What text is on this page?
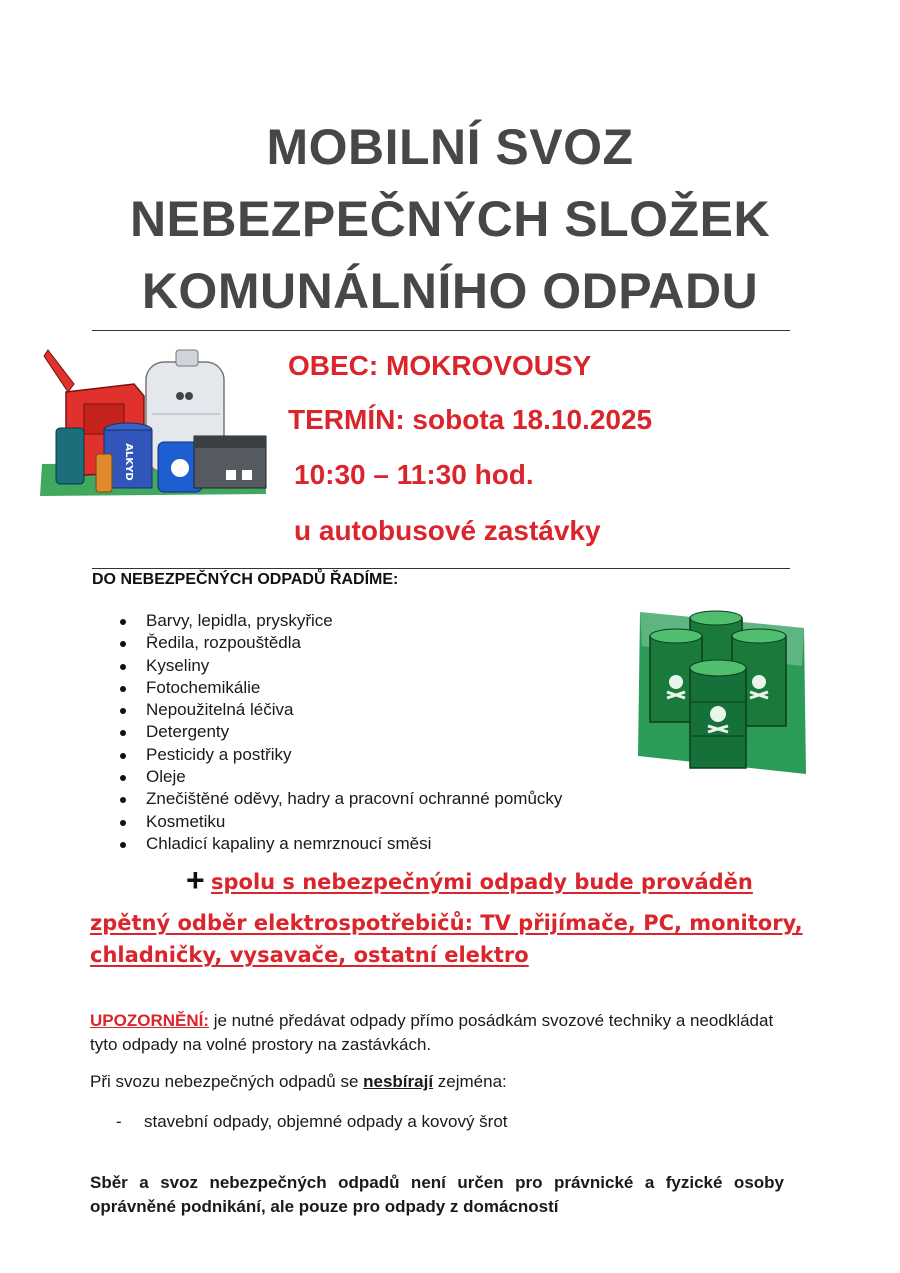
MOBILNÍ SVOZ
NEBEZPEČNÝCH SLOŽEK
KOMUNÁLNÍHO ODPADU
ALKYD
OBEC: MOKROVOUSY
TERMÍN: sobota 18.10.2025
10:30 – 11:30 hod.
u autobusové zastávky
DO NEBEZPEČNÝCH ODPADŮ ŘADÍME:
Barvy, lepidla, pryskyřice
Ředila, rozpouštědla
Kyseliny
Fotochemikálie
Nepoužitelná léčiva
Detergenty
Pesticidy a postřiky
Oleje
Znečištěné oděvy, hadry a pracovní ochranné pomůcky
Kosmetiku
Chladicí kapaliny a nemrznoucí směsi
+ spolu s nebezpečnými odpady bude prováděn
zpětný odběr elektrospotřebičů: TV přijímače, PC, monitory,
chladničky, vysavače, ostatní elektro

UPOZORNĚNÍ: je nutné předávat odpady přímo posádkám svozové techniky a neodkládat tyto odpady na volné prostory na zastávkách.

Při svozu nebezpečných odpadů se nesbírají zejména:

- stavební odpady, objemné odpady a kovový šrot

Sběr a svoz nebezpečných odpadů není určen pro právnické a fyzické osoby oprávněné podnikání, ale pouze pro odpady z domácností
